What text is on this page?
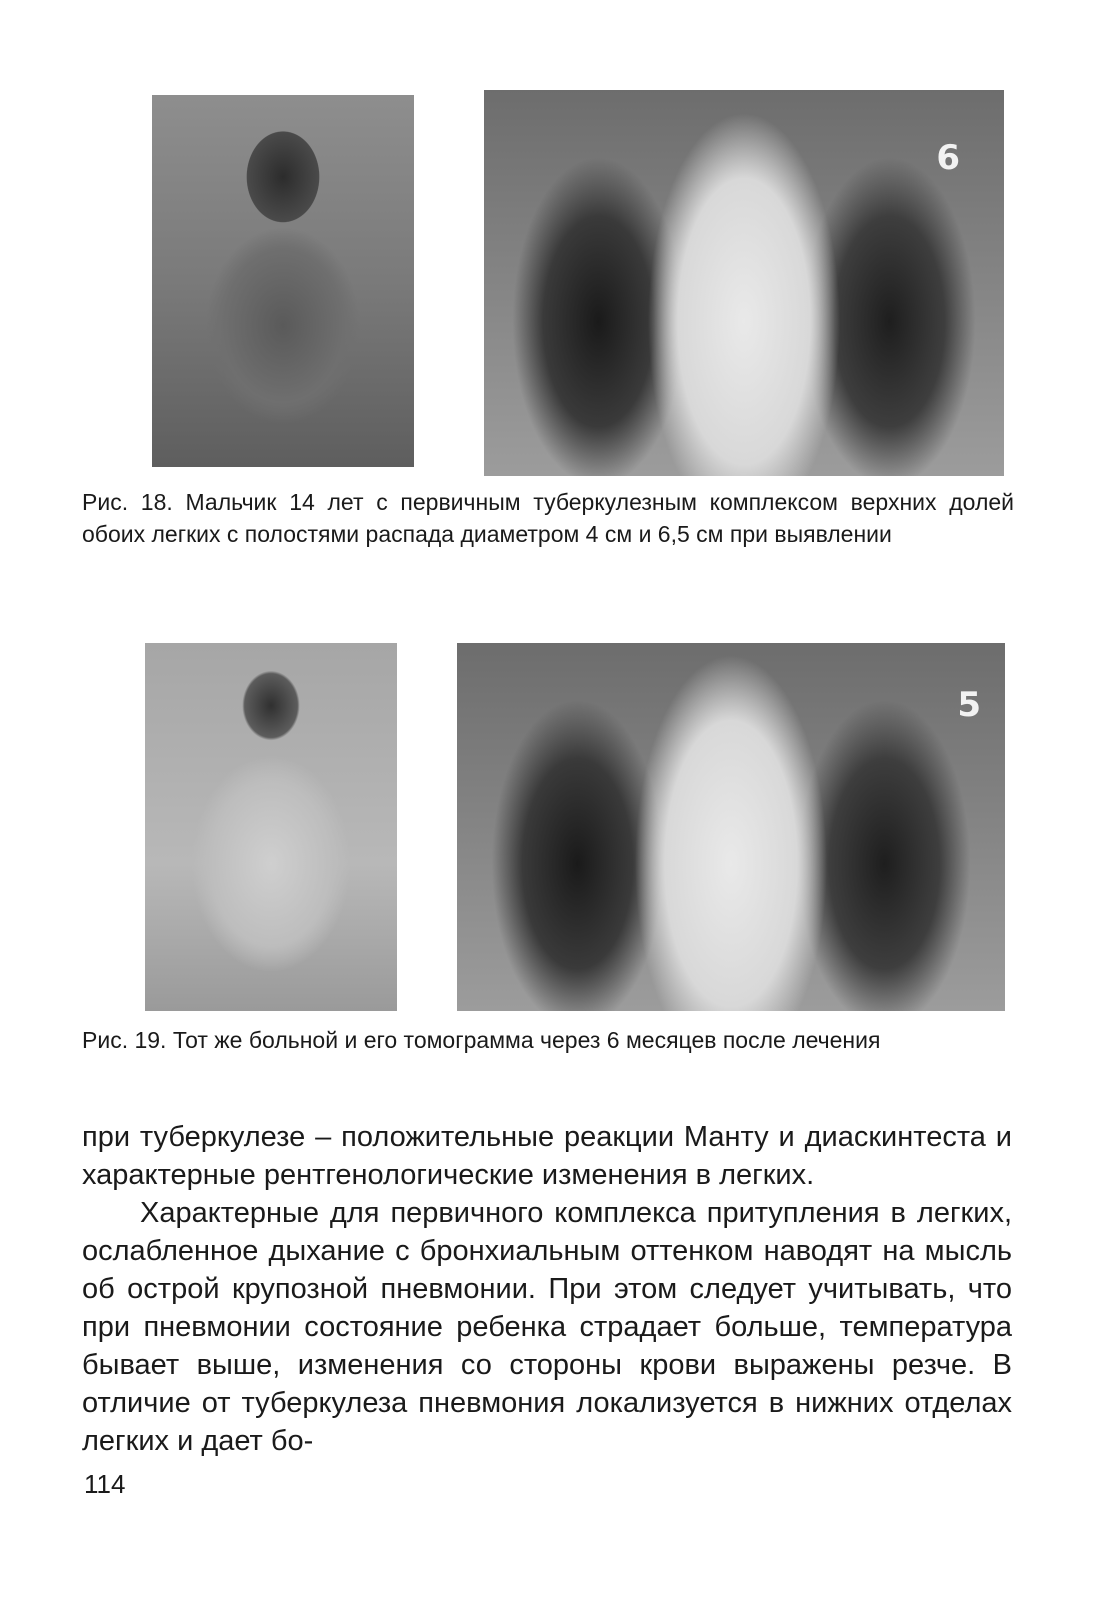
6
Рис. 18. Мальчик 14 лет с первичным туберкулезным комплексом верхних долей обоих легких с полостями распада диаметром 4 см и 6,5 см при выявлении
5
Рис. 19. Тот же больной и его томограмма через 6 месяцев после лечения

при туберкулезе – положительные реакции Манту и диаскинтеста и характерные рентгенологические изменения в легких.

Характерные для первичного комплекса притупления в легких, ослабленное дыхание с бронхиальным оттенком наводят на мысль об острой крупозной пневмонии. При этом следует учитывать, что при пневмонии состояние ребенка страдает больше, температура бывает выше, изменения со стороны крови выражены резче. В отличие от туберкулеза пневмония локализуется в нижних отделах легких и дает бо-

114
